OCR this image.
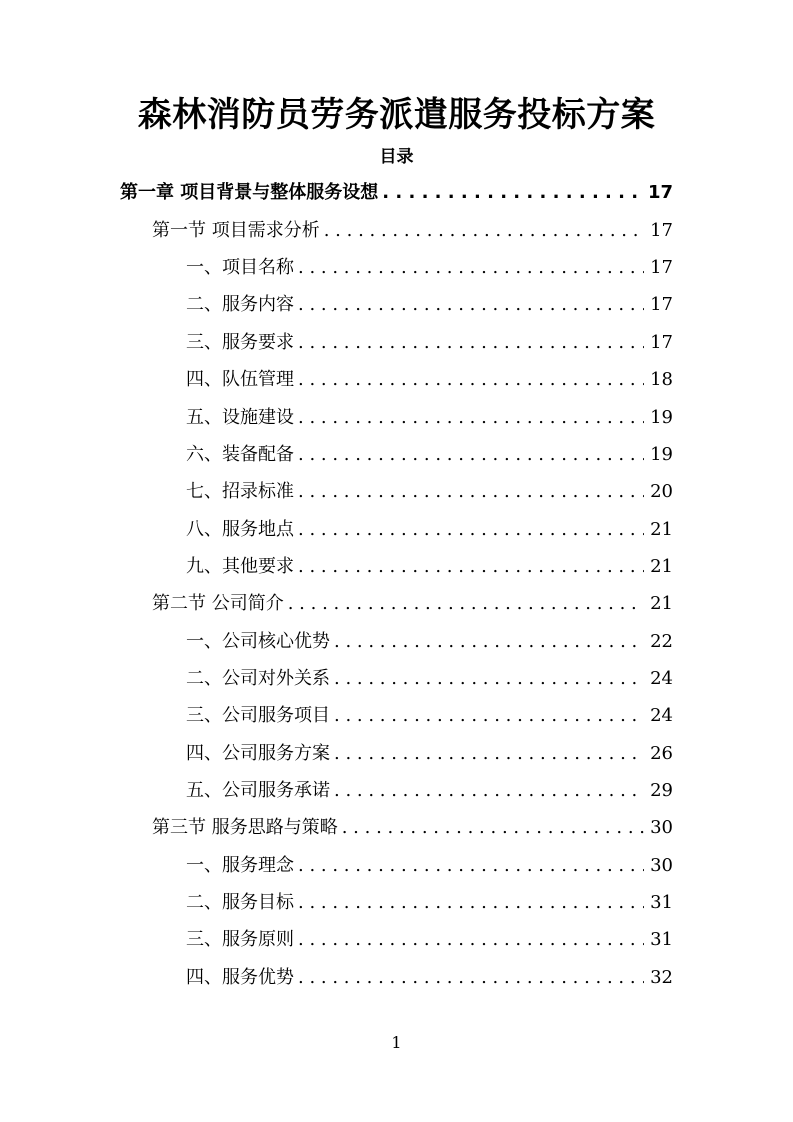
森林消防员劳务派遣服务投标方案
目录
第一章 项目背景与整体服务设想 . . .	17
第一节 项目需求分析 . . .	17
一、项目名称 . . .	17
二、服务内容 . . .	17
三、服务要求 . . .	17
四、队伍管理 . . .	18
五、设施建设 . . .	19
六、装备配备 . . .	19
七、招录标准 . . .	20
八、服务地点 . . .	21
九、其他要求 . . .	21
第二节 公司简介 . . .	21
一、公司核心优势 . . .	22
二、公司对外关系 . . .	24
三、公司服务项目 . . .	24
四、公司服务方案 . . .	26
五、公司服务承诺 . . .	29
第三节 服务思路与策略 . . .	30
一、服务理念 . . .	30
二、服务目标 . . .	31
三、服务原则 . . .	31
四、服务优势 . . .	32
1
